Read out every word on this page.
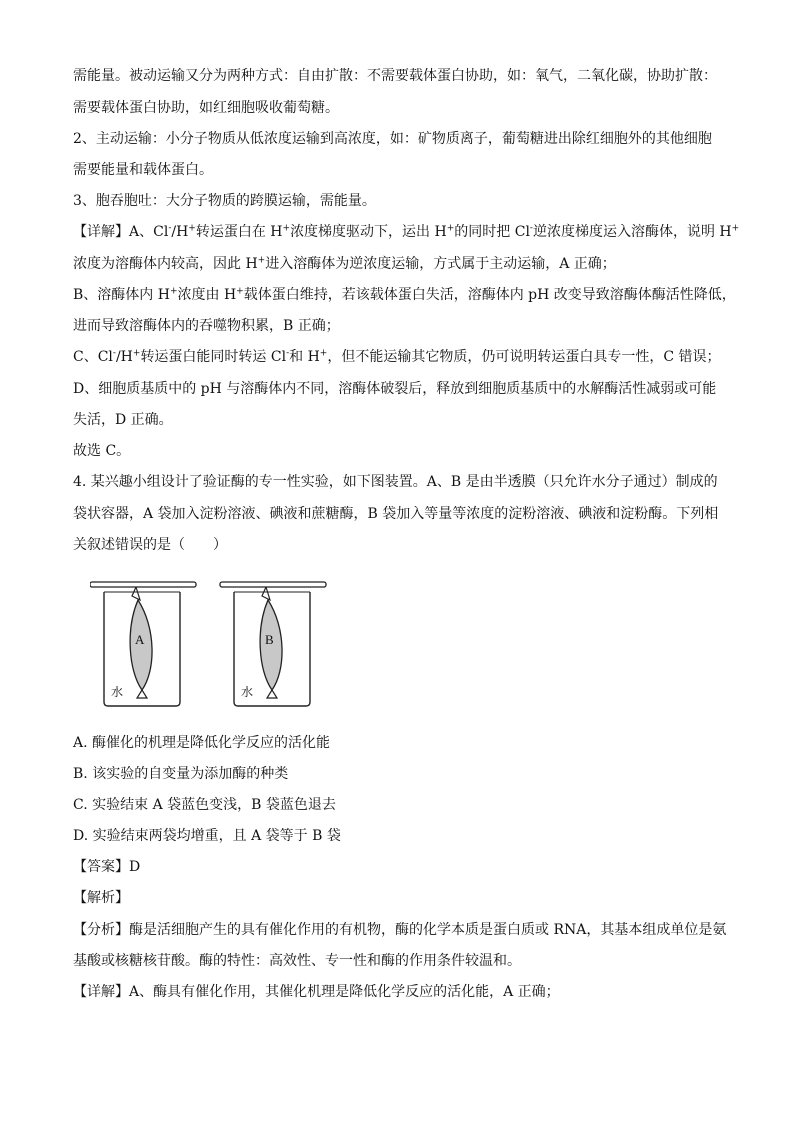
需能量。被动运输又分为两种方式：自由扩散：不需要载体蛋白协助，如：氧气，二氧化碳，协助扩散：
需要载体蛋白协助，如红细胞吸收葡萄糖。
2、主动运输：小分子物质从低浓度运输到高浓度，如：矿物质离子，葡萄糖进出除红细胞外的其他细胞
需要能量和载体蛋白。
3、胞吞胞吐：大分子物质的跨膜运输，需能量。
【详解】A、Cl-/H+转运蛋白在 H+浓度梯度驱动下，运出 H+的同时把 Cl-逆浓度梯度运入溶酶体，说明 H+
浓度为溶酶体内较高，因此 H+进入溶酶体为逆浓度运输，方式属于主动运输，A 正确；
B、溶酶体内 H+浓度由 H+载体蛋白维持，若该载体蛋白失活，溶酶体内 pH 改变导致溶酶体酶活性降低，
进而导致溶酶体内的吞噬物积累，B 正确；
C、Cl-/H+转运蛋白能同时转运 Cl-和 H+，但不能运输其它物质，仍可说明转运蛋白具专一性，C 错误；
D、细胞质基质中的 pH 与溶酶体内不同，溶酶体破裂后，释放到细胞质基质中的水解酶活性减弱或可能
失活，D 正确。
故选 C。
4. 某兴趣小组设计了验证酶的专一性实验，如下图装置。A、B 是由半透膜（只允许水分子通过）制成的
袋状容器，A 袋加入淀粉溶液、碘液和蔗糖酶，B 袋加入等量等浓度的淀粉溶液、碘液和淀粉酶。下列相
关叙述错误的是（　　）
A
水
B
水
A. 酶催化的机理是降低化学反应的活化能
B. 该实验的自变量为添加酶的种类
C. 实验结束 A 袋蓝色变浅，B 袋蓝色退去
D. 实验结束两袋均增重，且 A 袋等于 B 袋
【答案】D
【解析】
【分析】酶是活细胞产生的具有催化作用的有机物，酶的化学本质是蛋白质或 RNA，其基本组成单位是氨
基酸或核糖核苷酸。酶的特性：高效性、专一性和酶的作用条件较温和。
【详解】A、酶具有催化作用，其催化机理是降低化学反应的活化能，A 正确；
